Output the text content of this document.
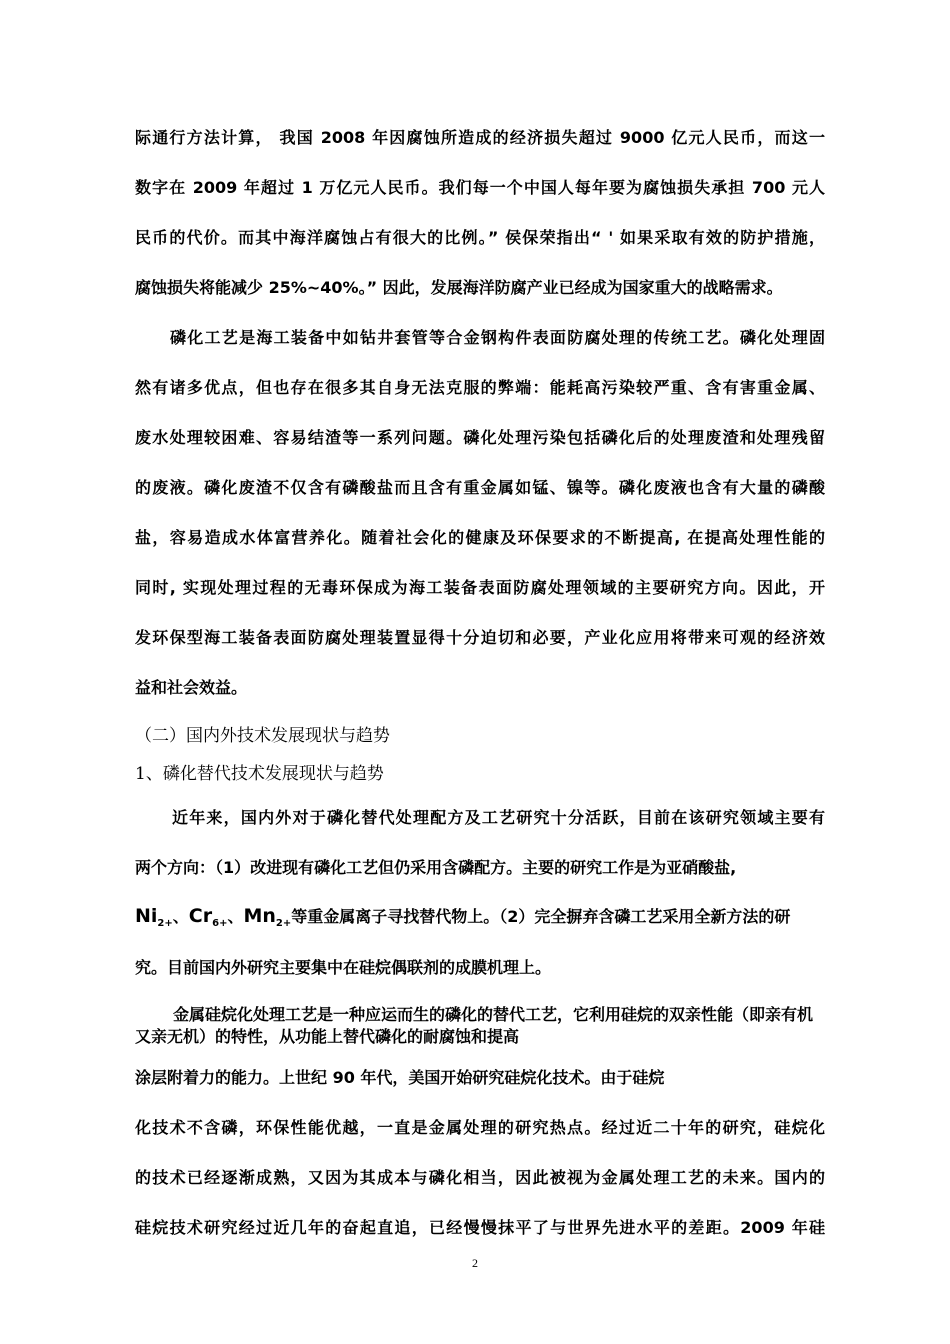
际通行方法计算， 我国 2008 年因腐蚀所造成的经济损失超过 9000 亿元人民币，而这一
数字在 2009 年超过 1 万亿元人民币。我们每一个中国人每年要为腐蚀损失承担 700 元人
民币的代价。而其中海洋腐蚀占有很大的比例。” 侯保荣指出“ ' 如果采取有效的防护措施，
腐蚀损失将能减少 25%~40%。” 因此，发展海洋防腐产业已经成为国家重大的战略需求。
磷化工艺是海工装备中如钻井套管等合金钢构件表面防腐处理的传统工艺。磷化处理固
然有诸多优点，但也存在很多其自身无法克服的弊端：能耗高污染较严重、含有害重金属、
废水处理较困难、容易结渣等一系列问题。磷化处理污染包括磷化后的处理废渣和处理残留
的废液。磷化废渣不仅含有磷酸盐而且含有重金属如锰、镍等。磷化废液也含有大量的磷酸
盐，容易造成水体富营养化。随着社会化的健康及环保要求的不断提高, 在提高处理性能的
同时, 实现处理过程的无毒环保成为海工装备表面防腐处理领域的主要研究方向。因此，开
发环保型海工装备表面防腐处理装置显得十分迫切和必要，产业化应用将带来可观的经济效
益和社会效益。
（二）国内外技术发展现状与趋势
1、磷化替代技术发展现状与趋势
近年来，国内外对于磷化替代处理配方及工艺研究十分活跃，目前在该研究领域主要有
两个方向：（1）改进现有磷化工艺但仍采用含磷配方。主要的研究工作是为亚硝酸盐,
$Ni_{2+}$、$Cr_{6+}$、$Mn_{2+}$等重金属离子寻找替代物上。（2）完全摒弃含磷工艺采用全新方法的研
究。目前国内外研究主要集中在硅烷偶联剂的成膜机理上。
金属硅烷化处理工艺是一种应运而生的磷化的替代工艺，它利用硅烷的双亲性能（即亲有机又亲无机）的特性，从功能上替代磷化的耐腐蚀和提高
涂层附着力的能力。上世纪 90 年代，美国开始研究硅烷化技术。由于硅烷
化技术不含磷，环保性能优越，一直是金属处理的研究热点。经过近二十年的研究，硅烷化
的技术已经逐渐成熟，又因为其成本与磷化相当，因此被视为金属处理工艺的未来。国内的
硅烷技术研究经过近几年的奋起直追，已经慢慢抹平了与世界先进水平的差距。2009 年硅
2
